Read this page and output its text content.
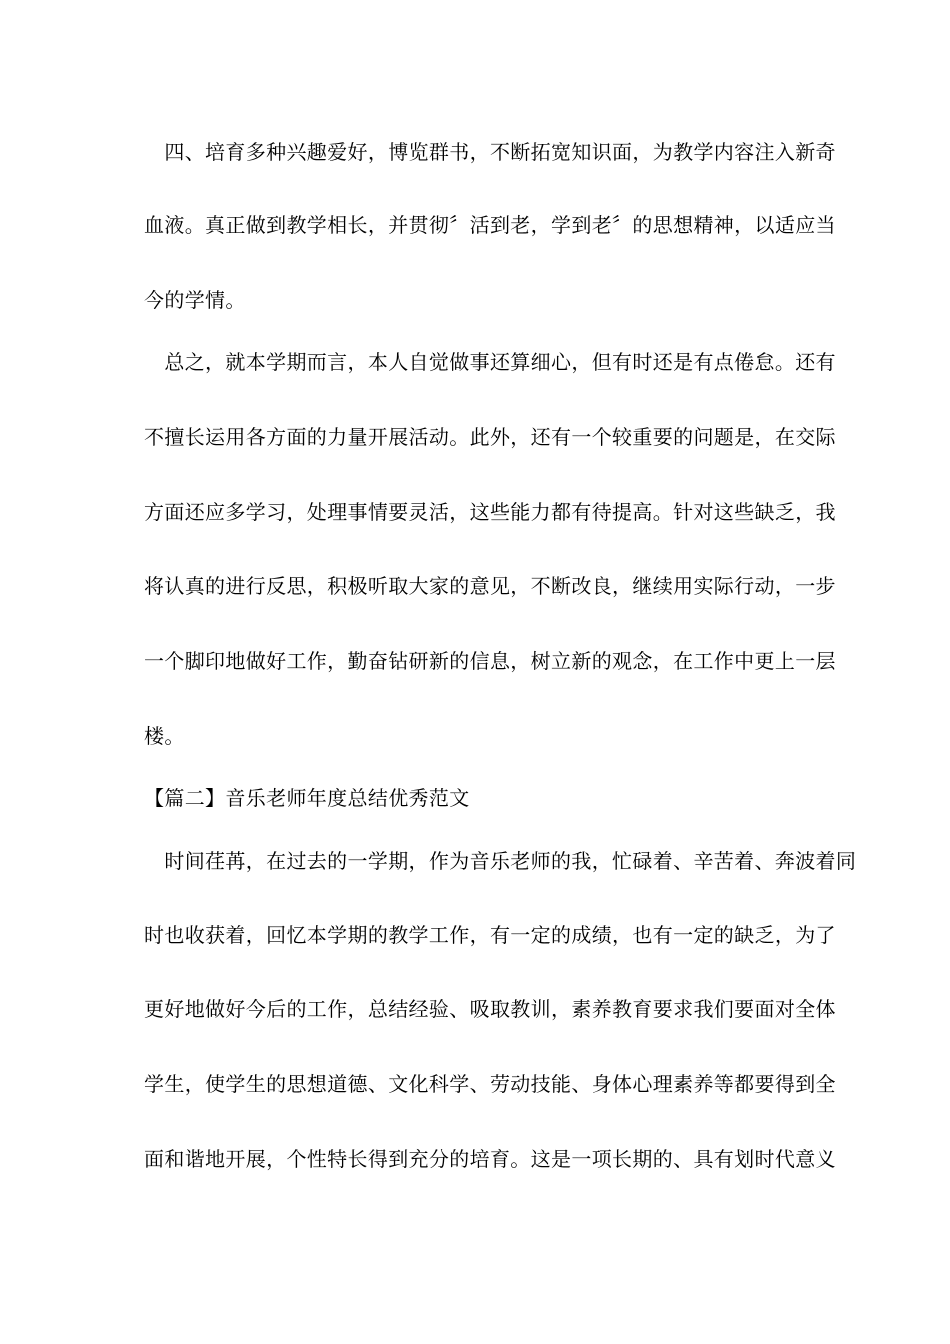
　四、培育多种兴趣爱好，博览群书，不断拓宽知识面，为教学内容注入新奇
血液。真正做到教学相长，并贯彻〞活到老，学到老〞的思想精神，以适应当
今的学情。
　总之，就本学期而言，本人自觉做事还算细心，但有时还是有点倦怠。还有
不擅长运用各方面的力量开展活动。此外，还有一个较重要的问题是，在交际
方面还应多学习，处理事情要灵活，这些能力都有待提高。针对这些缺乏，我
将认真的进行反思，积极听取大家的意见，不断改良，继续用实际行动，一步
一个脚印地做好工作，勤奋钻研新的信息，树立新的观念，在工作中更上一层
楼。
【篇二】音乐老师年度总结优秀范文
　时间荏苒，在过去的一学期，作为音乐老师的我，忙碌着、辛苦着、奔波着同
时也收获着，回忆本学期的教学工作，有一定的成绩，也有一定的缺乏，为了
更好地做好今后的工作，总结经验、吸取教训，素养教育要求我们要面对全体
学生，使学生的思想道德、文化科学、劳动技能、身体心理素养等都要得到全
面和谐地开展，个性特长得到充分的培育。这是一项长期的、具有划时代意义
